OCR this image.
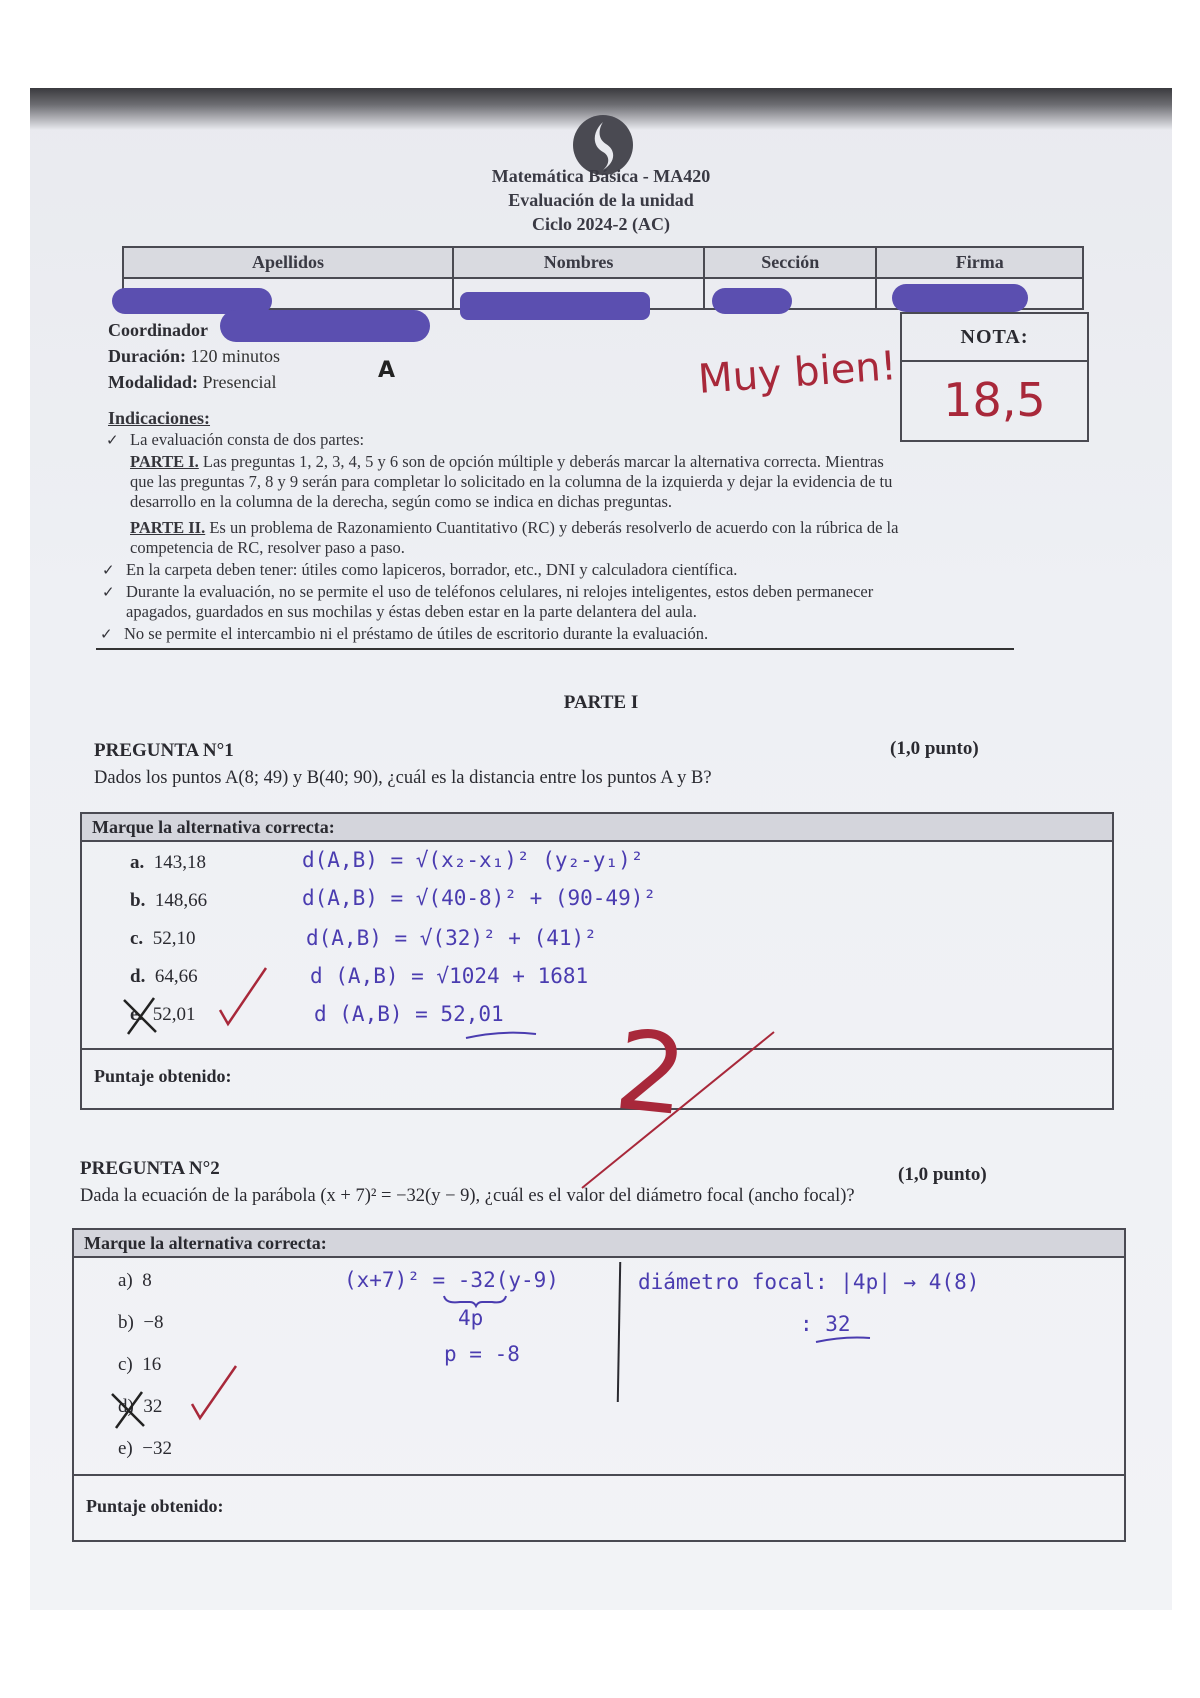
Matemática Básica - MA420
Evaluación de la unidad
Ciclo 2024-2 (AC)
Apellidos	Nombres	Sección	Firma

Coordinador
Duración: 120 minutos
Modalidad: Presencial	A	Muy bien!
NOTA:
18,5
Indicaciones:
✓ La evaluación consta de dos partes:
PARTE I. Las preguntas 1, 2, 3, 4, 5 y 6 son de opción múltiple y deberás marcar la alternativa correcta. Mientras
que las preguntas 7, 8 y 9 serán para completar lo solicitado en la columna de la izquierda y dejar la evidencia de tu
desarrollo en la columna de la derecha, según como se indica en dichas preguntas.
PARTE II. Es un problema de Razonamiento Cuantitativo (RC) y deberás resolverlo de acuerdo con la rúbrica de la
competencia de RC, resolver paso a paso.
✓ En la carpeta deben tener: útiles como lapiceros, borrador, etc., DNI y calculadora científica.
✓ Durante la evaluación, no se permite el uso de teléfonos celulares, ni relojes inteligentes, estos deben permanecer
apagados, guardados en sus mochilas y éstas deben estar en la parte delantera del aula.
✓ No se permite el intercambio ni el préstamo de útiles de escritorio durante la evaluación.
PARTE I
PREGUNTA N°1	(1,0 punto)
Dados los puntos A(8; 49) y B(40; 90), ¿cuál es la distancia entre los puntos A y B?
Marque la alternativa correcta:
a. 143,18
b. 148,66
c. 52,10
d. 64,66
e. 52,01
d(A,B) = √(x₂-x₁)² (y₂-y₁)²
d(A,B) = √(40-8)² + (90-49)²
d(A,B) = √(32)² + (41)²
d (A,B) = √1024 + 1681
d (A,B) = 52,01
Puntaje obtenido:	2
PREGUNTA N°2	(1,0 punto)
Dada la ecuación de la parábola (x + 7)² = −32(y − 9), ¿cuál es el valor del diámetro focal (ancho focal)?
Marque la alternativa correcta:
a) 8
b) −8
c) 16
d) 32
e) −32
(x+7)² = -32(y-9)
4p
p = -8
diámetro focal: |4p| → 4(8)
: 32
Puntaje obtenido:
